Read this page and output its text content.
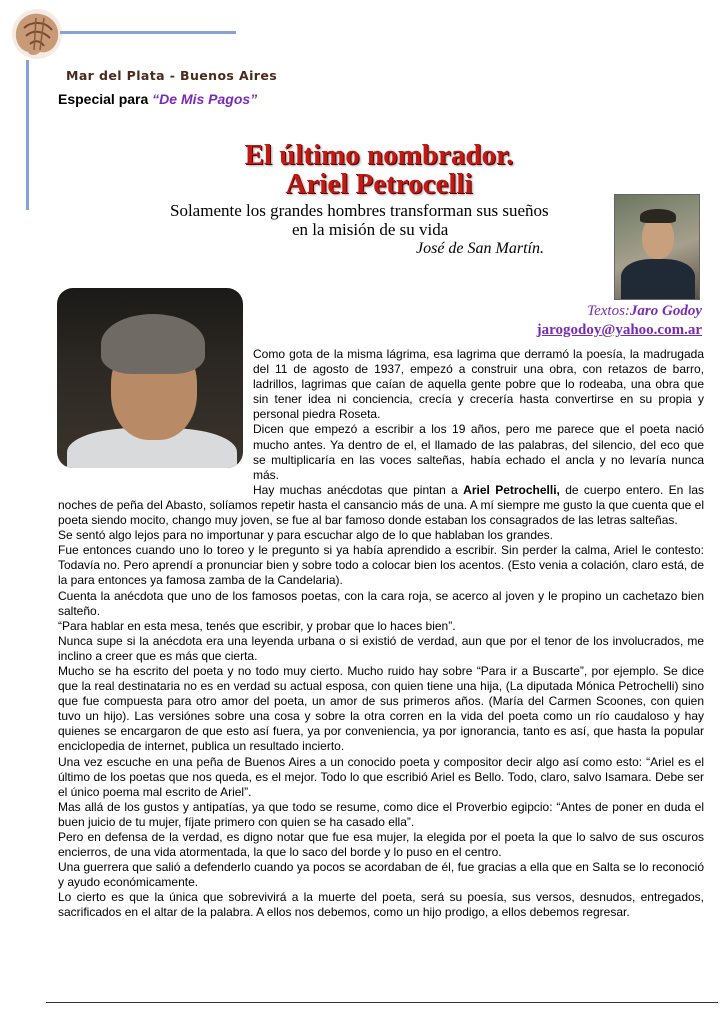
Mar del Plata - Buenos Aires
Especial para “De Mis Pagos”
El último nombrador.
Ariel Petrocelli
Solamente los grandes hombres transforman sus sueños
en la misión de su vida
José de San Martín.
Textos:Jaro Godoy
jarogodoy@yahoo.com.ar

Como gota de la misma lágrima, esa lagrima que derramó la poesía, la madrugada del 11 de agosto de 1937, empezó a construir una obra, con retazos de barro, ladrillos, lagrimas que caían de aquella gente pobre que lo rodeaba, una obra que sin tener idea ni conciencia, crecía y crecería hasta convertirse en su propia y personal piedra Roseta.

Dicen que empezó a escribir a los 19 años, pero me parece que el poeta nació mucho antes. Ya dentro de el, el llamado de las palabras, del silencio, del eco que se multiplicaría en las voces salteñas, había echado el ancla y no levaría nunca más.

Hay muchas anécdotas que pintan a Ariel Petrochelli, de cuerpo entero. En las noches de peña del Abasto, solíamos repetir hasta el cansancio más de una. A mí siempre me gusto la que cuenta que el poeta siendo mocito, chango muy joven, se fue al bar famoso donde estaban los consagrados de las letras salteñas.

Se sentó algo lejos para no importunar y para escuchar algo de lo que hablaban los grandes.

Fue entonces cuando uno lo toreo y le pregunto si ya había aprendido a escribir. Sin perder la calma, Ariel le contesto: Todavía no. Pero aprendí a pronunciar bien y sobre todo a colocar bien los acentos. (Esto venia a colación, claro está, de la para entonces ya famosa zamba de la Candelaria).

Cuenta la anécdota que uno de los famosos poetas, con la cara roja, se acerco al joven y le propino un cachetazo bien salteño.

“Para hablar en esta mesa, tenés que escribir, y probar que lo haces bien”.

Nunca supe si la anécdota era una leyenda urbana o si existió de verdad, aun que por el tenor de los involucrados, me inclino a creer que es más que cierta.

Mucho se ha escrito del poeta y no todo muy cierto. Mucho ruido hay sobre “Para ir a Buscarte”, por ejemplo. Se dice que la real destinataria no es en verdad su actual esposa, con quien tiene una hija, (La diputada Mónica Petrochelli) sino que fue compuesta para otro amor del poeta, un amor de sus primeros años. (María del Carmen Scoones, con quien tuvo un hijo). Las versiónes sobre una cosa y sobre la otra corren en la vida del poeta como un río caudaloso y hay quienes se encargaron de que esto así fuera, ya por conveniencia, ya por ignorancia, tanto es así, que hasta la popular enciclopedia de internet, publica un resultado incierto.

Una vez escuche en una peña de Buenos Aires a un conocido poeta y compositor decir algo así como esto: “Ariel es el último de los poetas que nos queda, es el mejor. Todo lo que escribió Ariel es Bello. Todo, claro, salvo Isamara. Debe ser el único poema mal escrito de Ariel”.

Mas allá de los gustos y antipatías, ya que todo se resume, como dice el Proverbio egipcio: “Antes de poner en duda el buen juicio de tu mujer, fíjate primero con quien se ha casado ella”.

Pero en defensa de la verdad, es digno notar que fue esa mujer, la elegida por el poeta la que lo salvo de sus oscuros encierros, de una vida atormentada, la que lo saco del borde y lo puso en el centro.

Una guerrera que salió a defenderlo cuando ya pocos se acordaban de él, fue gracias a ella que en Salta se lo reconoció y ayudo económicamente.

Lo cierto es que la única que sobrevivirá a la muerte del poeta, será su poesía, sus versos, desnudos, entregados, sacrificados en el altar de la palabra. A ellos nos debemos, como un hijo prodigo, a ellos debemos regresar.
